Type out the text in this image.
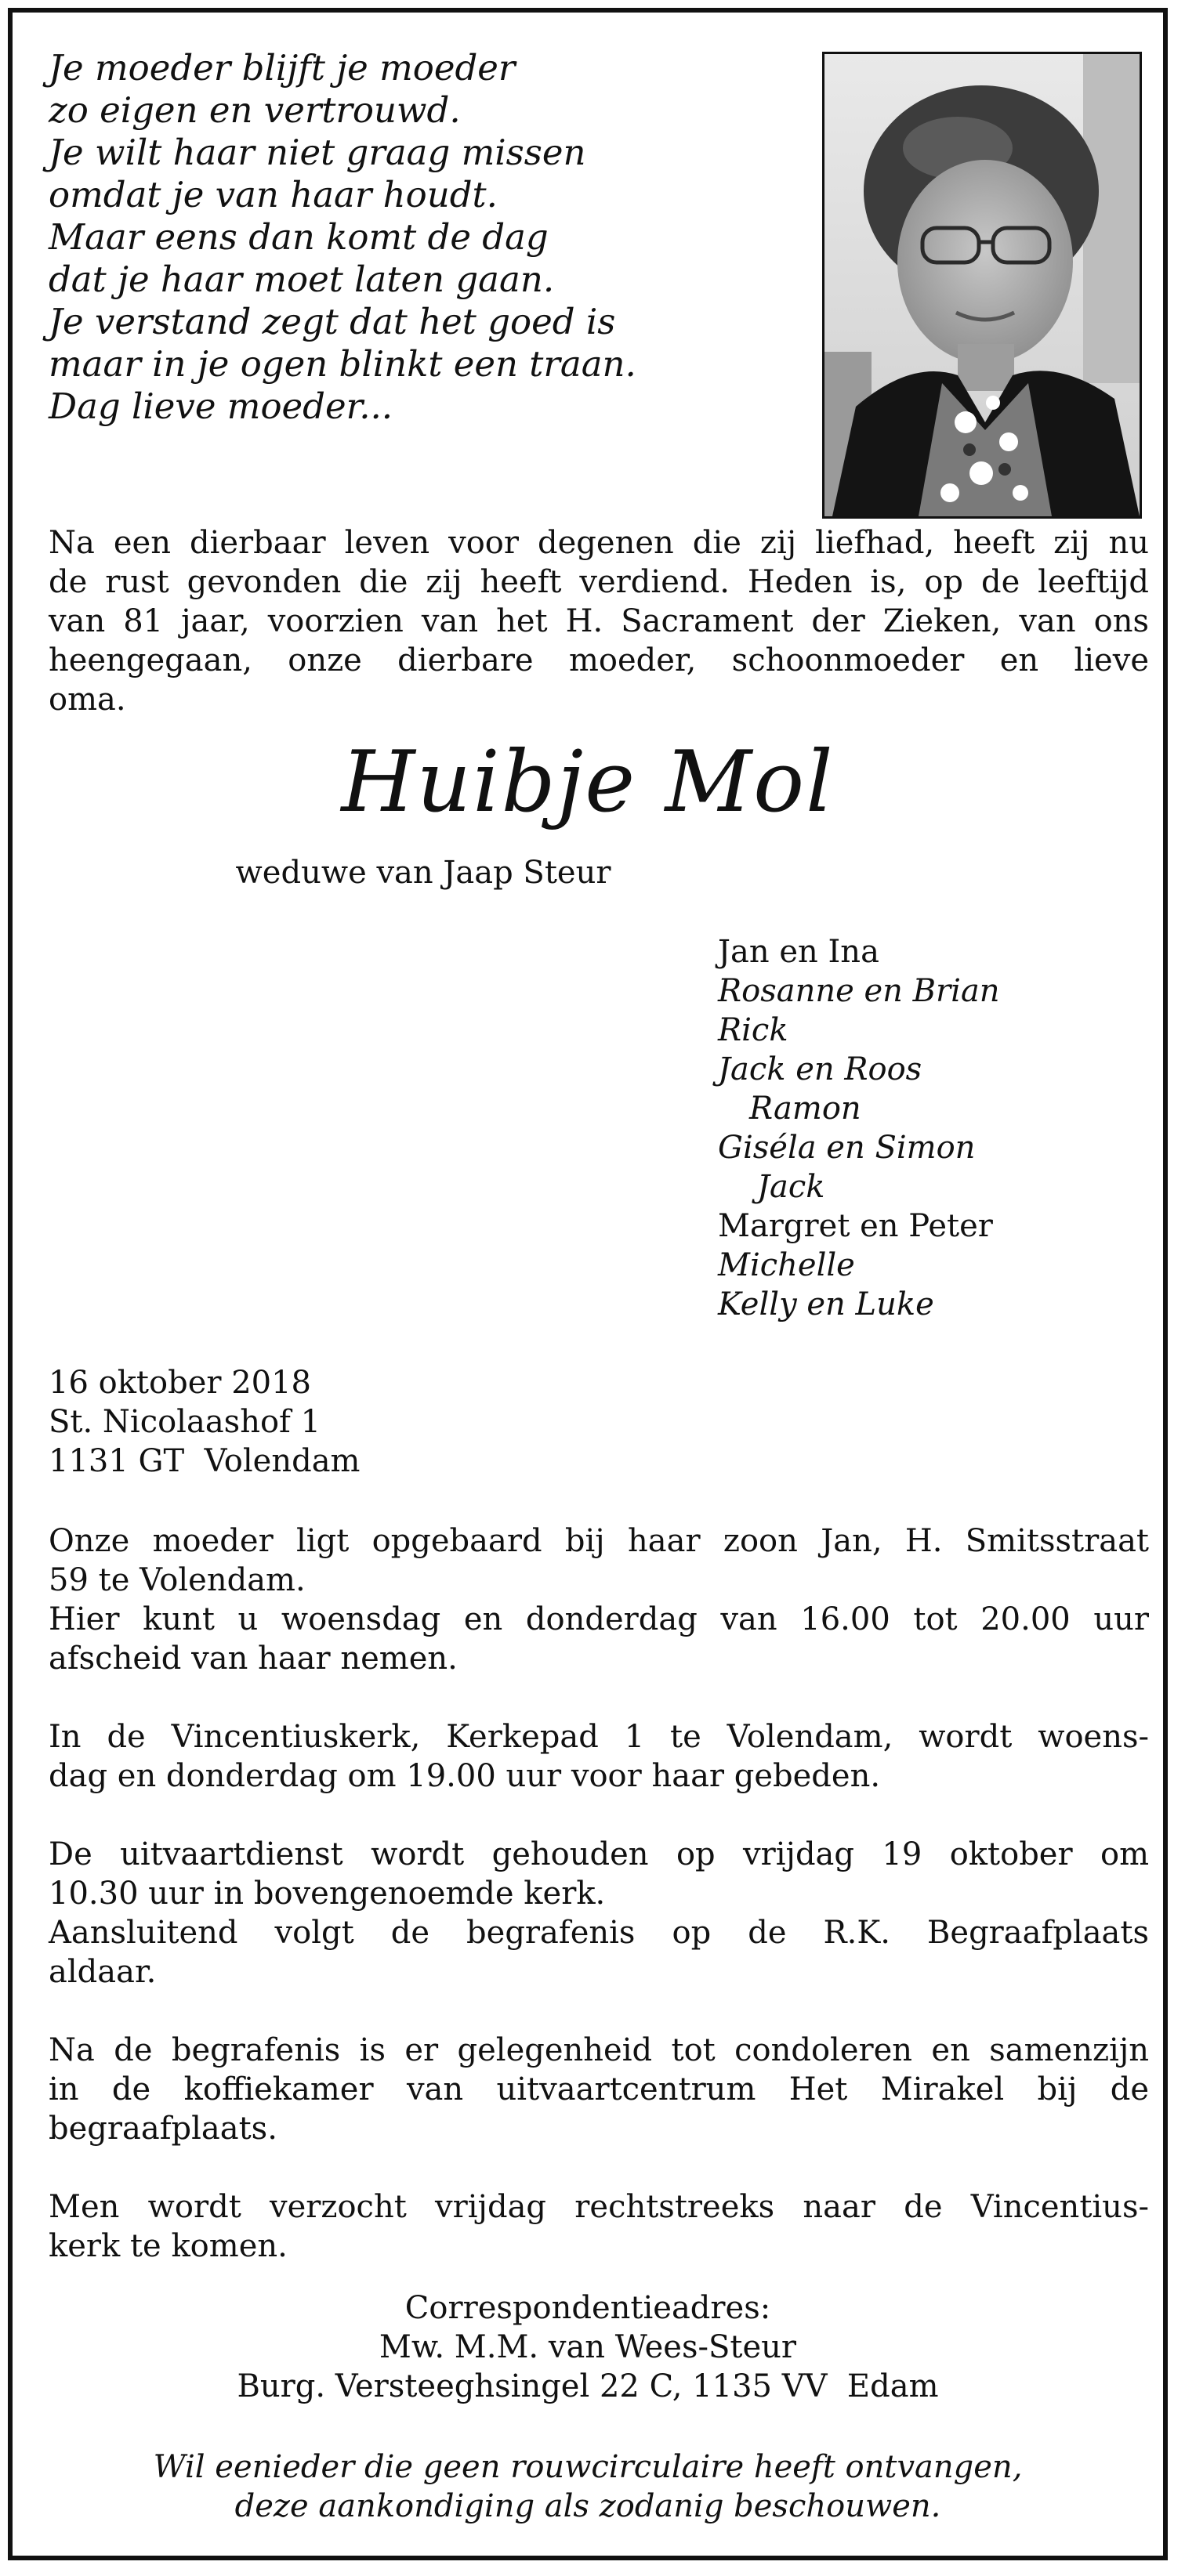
Je moeder blijft je moeder
zo eigen en vertrouwd.
Je wilt haar niet graag missen
omdat je van haar houdt.
Maar eens dan komt de dag
dat je haar moet laten gaan.
Je verstand zegt dat het goed is
maar in je ogen blinkt een traan.
Dag lieve moeder...
Na een dierbaar leven voor degenen die zij liefhad, heeft zij nu
de rust gevonden die zij heeft verdiend. Heden is, op de leeftijd
van 81 jaar, voorzien van het H. Sacrament der Zieken, van ons
heengegaan, onze dierbare moeder, schoonmoeder en lieve
oma.
Huibje Mol
weduwe van Jaap Steur
Jan en Ina
Rosanne en Brian
Rick
Jack en Roos
Ramon
Giséla en Simon
Jack
Margret en Peter
Michelle
Kelly en Luke
16 oktober 2018
St. Nicolaashof 1
1131 GT  Volendam
Onze moeder ligt opgebaard bij haar zoon Jan, H. Smitsstraat
59 te Volendam.
Hier kunt u woensdag en donderdag van 16.00 tot 20.00 uur
afscheid van haar nemen.
In de Vincentiuskerk, Kerkepad 1 te Volendam, wordt woens-
dag en donderdag om 19.00 uur voor haar gebeden.
De uitvaartdienst wordt gehouden op vrijdag 19 oktober om
10.30 uur in bovengenoemde kerk.
Aansluitend volgt de begrafenis op de R.K. Begraafplaats
aldaar.
Na de begrafenis is er gelegenheid tot condoleren en samenzijn
in de koffiekamer van uitvaartcentrum Het Mirakel bij de
begraafplaats.
Men wordt verzocht vrijdag rechtstreeks naar de Vincentius-
kerk te komen.
Correspondentieadres:
Mw. M.M. van Wees-Steur
Burg. Versteeghsingel 22 C, 1135 VV  Edam
Wil eenieder die geen rouwcirculaire heeft ontvangen,
deze aankondiging als zodanig beschouwen.
